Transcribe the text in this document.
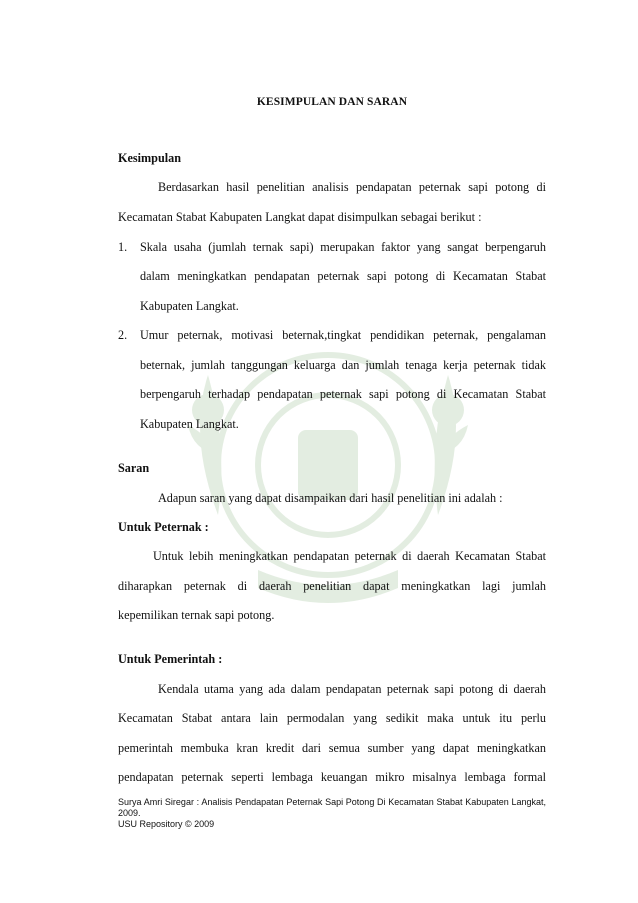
KESIMPULAN DAN SARAN
Kesimpulan
Berdasarkan hasil penelitian analisis pendapatan peternak sapi potong di
Kecamatan Stabat Kabupaten Langkat dapat disimpulkan sebagai berikut :
1. Skala usaha (jumlah ternak sapi) merupakan faktor yang sangat berpengaruh
dalam meningkatkan pendapatan peternak sapi potong di Kecamatan Stabat
Kabupaten Langkat.
2. Umur peternak, motivasi beternak,tingkat pendidikan peternak, pengalaman
beternak, jumlah tanggungan keluarga dan jumlah tenaga kerja peternak tidak
berpengaruh terhadap pendapatan peternak sapi potong di Kecamatan Stabat
Kabupaten Langkat.
Saran
Adapun saran yang dapat disampaikan dari hasil penelitian ini adalah :
Untuk Peternak :
Untuk lebih meningkatkan pendapatan peternak di daerah Kecamatan Stabat
diharapkan peternak di daerah penelitian dapat meningkatkan lagi jumlah
kepemilikan ternak sapi potong.
Untuk Pemerintah :
Kendala utama yang ada dalam pendapatan peternak sapi potong di daerah
Kecamatan Stabat antara lain permodalan yang sedikit maka untuk itu perlu
pemerintah membuka kran kredit dari semua sumber yang dapat meningkatkan
pendapatan peternak seperti lembaga keuangan mikro misalnya lembaga formal
Surya Amri Siregar : Analisis Pendapatan Peternak Sapi Potong Di Kecamatan Stabat Kabupaten Langkat,
2009.
USU Repository © 2009
